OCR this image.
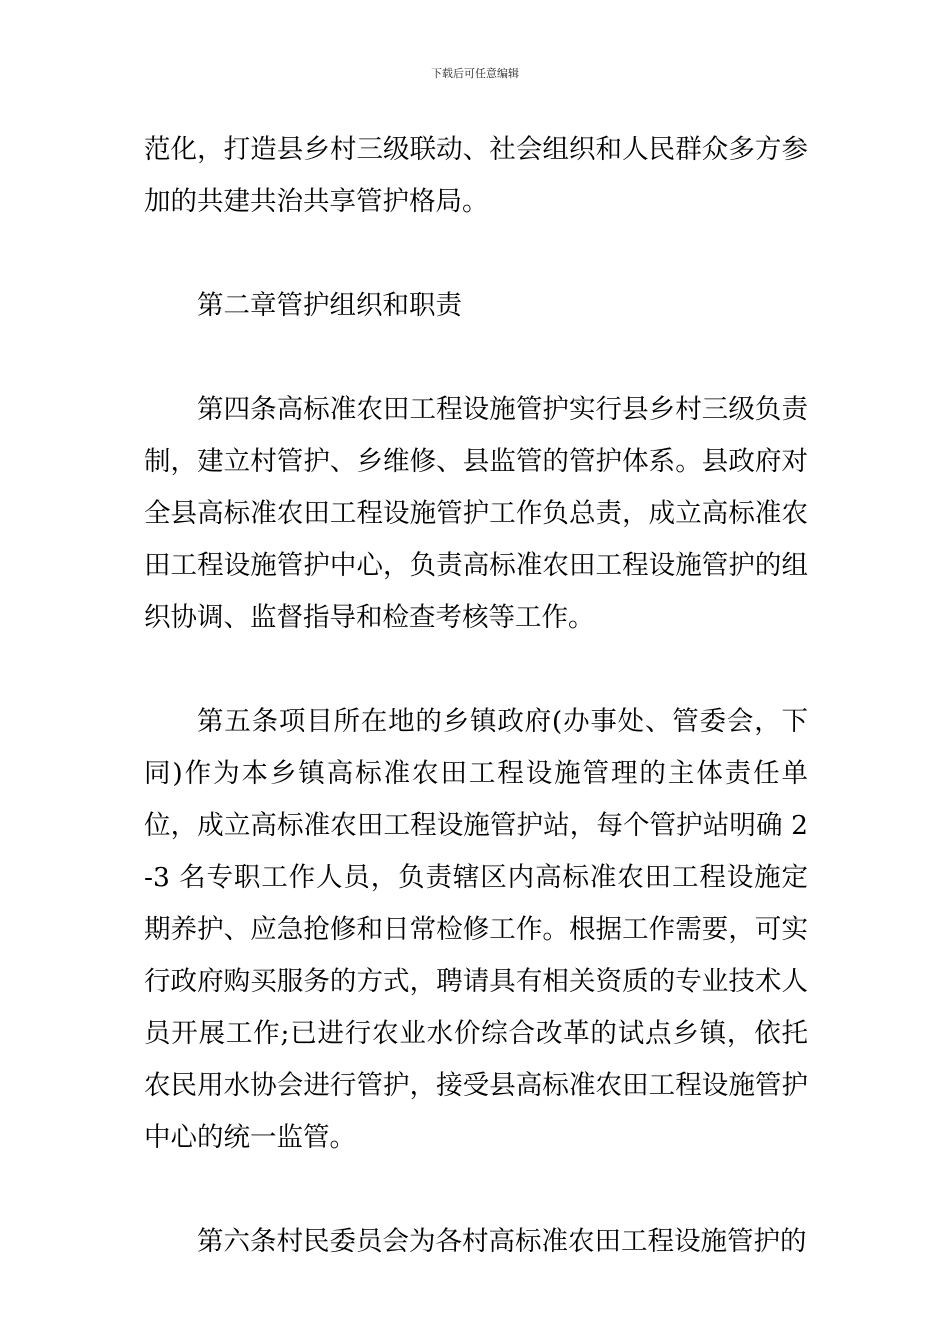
下载后可任意编辑

范化，打造县乡村三级联动、社会组织和人民群众多方参加的共建共治共享管护格局。

第二章管护组织和职责

第四条高标准农田工程设施管护实行县乡村三级负责制，建立村管护、乡维修、县监管的管护体系。县政府对全县高标准农田工程设施管护工作负总责，成立高标准农田工程设施管护中心，负责高标准农田工程设施管护的组织协调、监督指导和检查考核等工作。

第五条项目所在地的乡镇政府(办事处、管委会，下同)作为本乡镇高标准农田工程设施管理的主体责任单位，成立高标准农田工程设施管护站，每个管护站明确 2-3 名专职工作人员，负责辖区内高标准农田工程设施定期养护、应急抢修和日常检修工作。根据工作需要，可实行政府购买服务的方式，聘请具有相关资质的专业技术人员开展工作;已进行农业水价综合改革的试点乡镇，依托农民用水协会进行管护，接受县高标准农田工程设施管护中心的统一监管。

第六条村民委员会为各村高标准农田工程设施管护的
